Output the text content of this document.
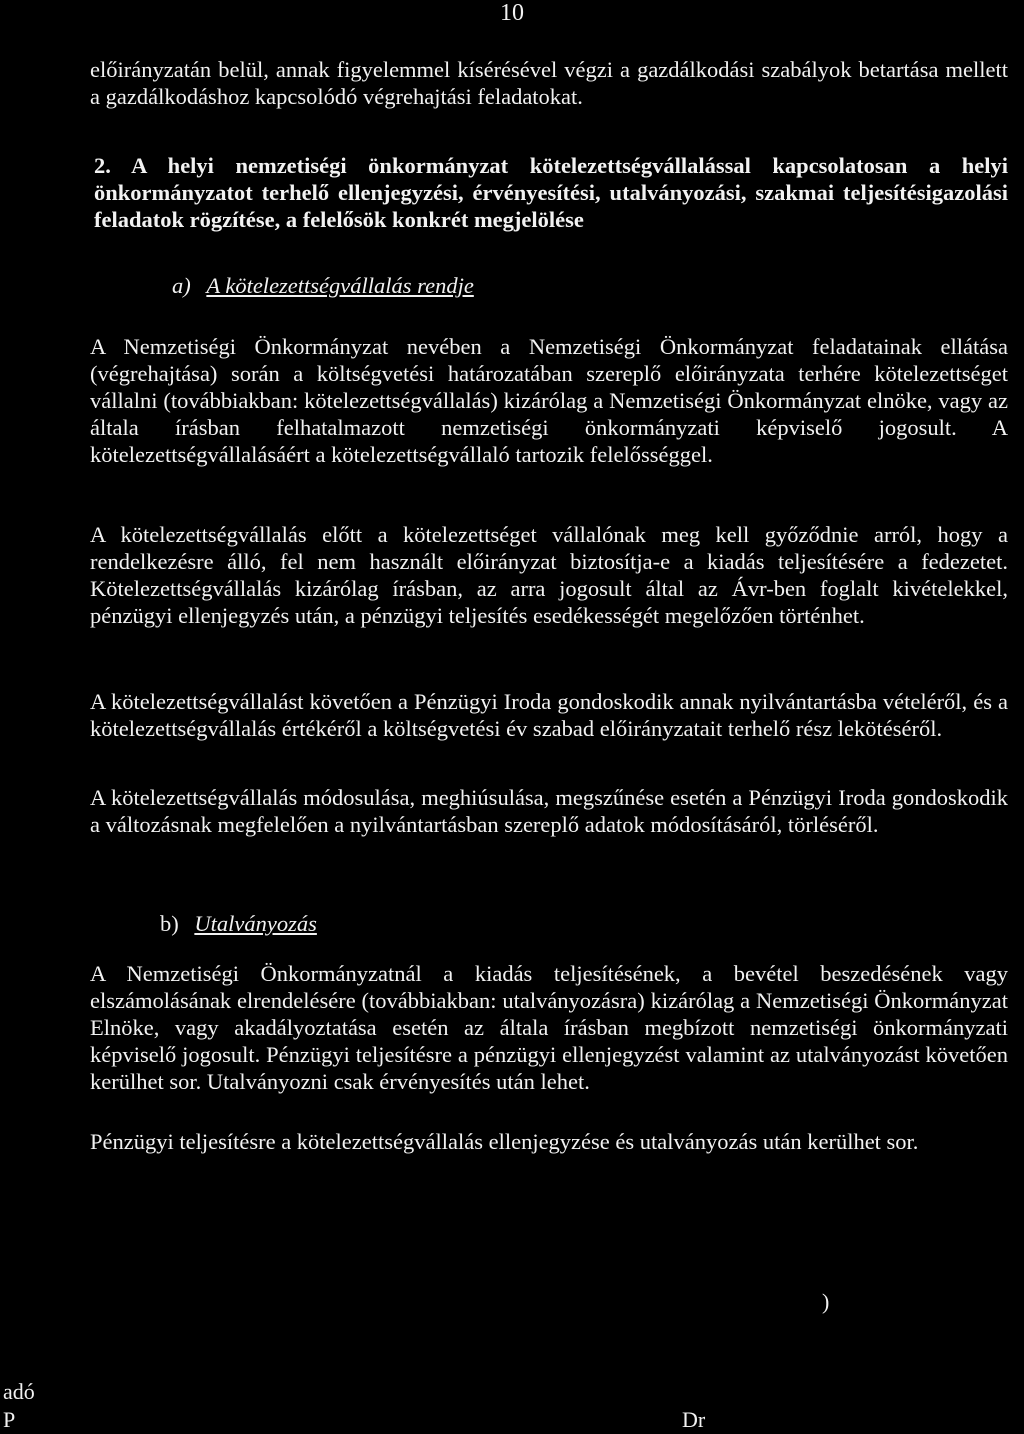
10

előirányzatán belül, annak figyelemmel kísérésével végzi a gazdálkodási szabályok betartása mellett a gazdálkodáshoz kapcsolódó végrehajtási feladatokat.

2. A helyi nemzetiségi önkormányzat kötelezettségvállalással kapcsolatosan a helyi önkormányzatot terhelő ellenjegyzési, érvényesítési, utalványozási, szakmai teljesítésigazolási feladatok rögzítése, a felelősök konkrét megjelölése

a) A kötelezettségvállalás rendje

A Nemzetiségi Önkormányzat nevében a Nemzetiségi Önkormányzat feladatainak ellátása (végrehajtása) során a költségvetési határozatában szereplő előirányzata terhére kötelezettséget vállalni (továbbiakban: kötelezettségvállalás) kizárólag a Nemzetiségi Önkormányzat elnöke, vagy az általa írásban felhatalmazott nemzetiségi önkormányzati képviselő jogosult. A kötelezettségvállalásáért a kötelezettségvállaló tartozik felelősséggel.

A kötelezettségvállalás előtt a kötelezettséget vállalónak meg kell győződnie arról, hogy a rendelkezésre álló, fel nem használt előirányzat biztosítja-e a kiadás teljesítésére a fedezetet. Kötelezettségvállalás kizárólag írásban, az arra jogosult által az Ávr-ben foglalt kivételekkel, pénzügyi ellenjegyzés után, a pénzügyi teljesítés esedékességét megelőzően történhet.

A kötelezettségvállalást követően a Pénzügyi Iroda gondoskodik annak nyilvántartásba vételéről, és a kötelezettségvállalás értékéről a költségvetési év szabad előirányzatait terhelő rész lekötéséről.

A kötelezettségvállalás módosulása, meghiúsulása, megszűnése esetén a Pénzügyi Iroda gondoskodik a változásnak megfelelően a nyilvántartásban szereplő adatok módosításáról, törléséről.

b) Utalványozás

A Nemzetiségi Önkormányzatnál a kiadás teljesítésének, a bevétel beszedésének vagy elszámolásának elrendelésére (továbbiakban: utalványozásra) kizárólag a Nemzetiségi Önkormányzat Elnöke, vagy akadályoztatása esetén az általa írásban megbízott nemzetiségi önkormányzati képviselő jogosult. Pénzügyi teljesítésre a pénzügyi ellenjegyzést valamint az utalványozást követően kerülhet sor. Utalványozni csak érvényesítés után lehet.

Pénzügyi teljesítésre a kötelezettségvállalás ellenjegyzése és utalványozás után kerülhet sor.

)
adó
P	Dr
